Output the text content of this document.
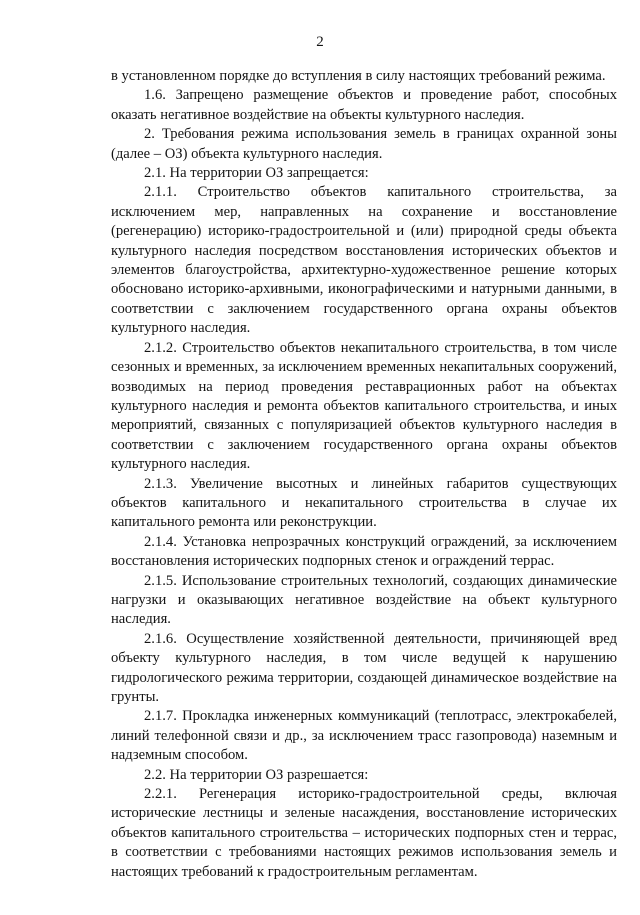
2

в установленном порядке до вступления в силу настоящих требований режима.

1.6. Запрещено размещение объектов и проведение работ, способных оказать негативное воздействие на объекты культурного наследия.

2. Требования режима использования земель в границах охранной зоны (далее – ОЗ) объекта культурного наследия.

2.1. На территории ОЗ запрещается:

2.1.1. Строительство объектов капитального строительства, за исключением мер, направленных на сохранение и восстановление (регенерацию) историко-градостроительной и (или) природной среды объекта культурного наследия посредством восстановления исторических объектов и элементов благоустройства, архитектурно-художественное решение которых обосновано историко-архивными, иконографическими и натурными данными, в соответствии с заключением государственного органа охраны объектов культурного наследия.

2.1.2. Строительство объектов некапитального строительства, в том числе сезонных и временных, за исключением временных некапитальных сооружений, возводимых на период проведения реставрационных работ на объектах культурного наследия и ремонта объектов капитального строительства, и иных мероприятий, связанных с популяризацией объектов культурного наследия в соответствии с заключением государственного органа охраны объектов культурного наследия.

2.1.3. Увеличение высотных и линейных габаритов существующих объектов капитального и некапитального строительства в случае их капитального ремонта или реконструкции.

2.1.4. Установка непрозрачных конструкций ограждений, за исключением восстановления исторических подпорных стенок и ограждений террас.

2.1.5. Использование строительных технологий, создающих динамические нагрузки и оказывающих негативное воздействие на объект культурного наследия.

2.1.6. Осуществление хозяйственной деятельности, причиняющей вред объекту культурного наследия, в том числе ведущей к нарушению гидрологического режима территории, создающей динамическое воздействие на грунты.

2.1.7. Прокладка инженерных коммуникаций (теплотрасс, электрокабелей, линий телефонной связи и др., за исключением трасс газопровода) наземным и надземным способом.

2.2. На территории ОЗ разрешается:

2.2.1. Регенерация историко-градостроительной среды, включая исторические лестницы и зеленые насаждения, восстановление исторических объектов капитального строительства – исторических подпорных стен и террас, в соответствии с требованиями настоящих режимов использования земель и настоящих требований к градостроительным регламентам.
